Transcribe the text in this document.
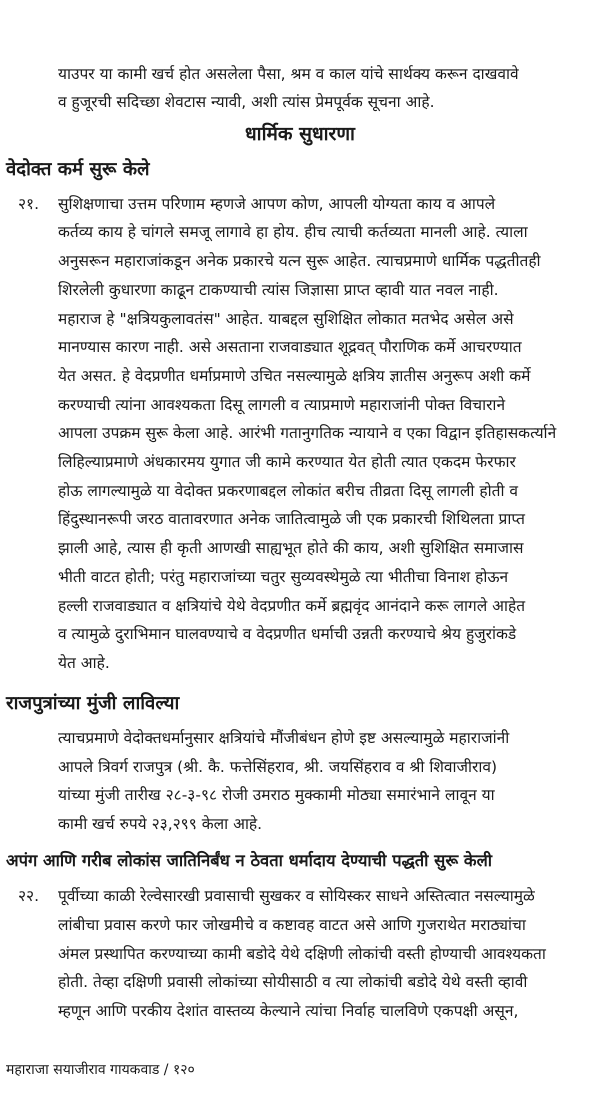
याउपर या कामी खर्च होत असलेला पैसा, श्रम व काल यांचे सार्थक्य करून दाखवावे
व हुजूरची सदिच्छा शेवटास न्यावी, अशी त्यांस प्रेमपूर्वक सूचना आहे.
धार्मिक सुधारणा
वेदोक्त कर्म सुरू केले
२१. सुशिक्षणाचा उत्तम परिणाम म्हणजे आपण कोण, आपली योग्यता काय व आपले
कर्तव्य काय हे चांगले समजू लागावे हा होय. हीच त्याची कर्तव्यता मानली आहे. त्याला
अनुसरून महाराजांकडून अनेक प्रकारचे यत्न सुरू आहेत. त्याचप्रमाणे धार्मिक पद्धतीतही
शिरलेली कुधारणा काढून टाकण्याची त्यांस जिज्ञासा प्राप्त व्हावी यात नवल नाही.
महाराज हे "क्षत्रियकुलावतंस" आहेत. याबद्दल सुशिक्षित लोकात मतभेद असेल असे
मानण्यास कारण नाही. असे असताना राजवाड्यात शूद्रवत् पौराणिक कर्मे आचरण्यात
येत असत. हे वेदप्रणीत धर्माप्रमाणे उचित नसल्यामुळे क्षत्रिय ज्ञातीस अनुरूप अशी कर्मे
करण्याची त्यांना आवश्यकता दिसू लागली व त्याप्रमाणे महाराजांनी पोक्त विचाराने
आपला उपक्रम सुरू केला आहे. आरंभी गतानुगतिक न्यायाने व एका विद्वान इतिहासकर्त्याने
लिहिल्याप्रमाणे अंधकारमय युगात जी कामे करण्यात येत होती त्यात एकदम फेरफार
होऊ लागल्यामुळे या वेदोक्त प्रकरणाबद्दल लोकांत बरीच तीव्रता दिसू लागली होती व
हिंदुस्थानरूपी जरठ वातावरणात अनेक जातित्वामुळे जी एक प्रकारची शिथिलता प्राप्त
झाली आहे, त्यास ही कृती आणखी साह्यभूत होते की काय, अशी सुशिक्षित समाजास
भीती वाटत होती; परंतु महाराजांच्या चतुर सुव्यवस्थेमुळे त्या भीतीचा विनाश होऊन
हल्ली राजवाड्यात व क्षत्रियांचे येथे वेदप्रणीत कर्मे ब्रह्मवृंद आनंदाने करू लागले आहेत
व त्यामुळे दुराभिमान घालवण्याचे व वेदप्रणीत धर्माची उन्नती करण्याचे श्रेय हुजुरांकडे
येत आहे.
राजपुत्रांच्या मुंजी लाविल्या
त्याचप्रमाणे वेदोक्तधर्मानुसार क्षत्रियांचे मौंजीबंधन होणे इष्ट असल्यामुळे महाराजांनी
आपले त्रिवर्ग राजपुत्र (श्री. कै. फत्तेसिंहराव, श्री. जयसिंहराव व श्री शिवाजीराव)
यांच्या मुंजी तारीख २८-३-९८ रोजी उमराठ मुक्कामी मोठ्या समारंभाने लावून या
कामी खर्च रुपये २३,२९९ केला आहे.
अपंग आणि गरीब लोकांस जातिनिर्बंध न ठेवता धर्मादाय देण्याची पद्धती सुरू केली
२२. पूर्वीच्या काळी रेल्वेसारखी प्रवासाची सुखकर व सोयिस्कर साधने अस्तित्वात नसल्यामुळे
लांबीचा प्रवास करणे फार जोखमीचे व कष्टावह वाटत असे आणि गुजराथेत मराठ्यांचा
अंमल प्रस्थापित करण्याच्या कामी बडोदे येथे दक्षिणी लोकांची वस्ती होण्याची आवश्यकता
होती. तेव्हा दक्षिणी प्रवासी लोकांच्या सोयीसाठी व त्या लोकांची बडोदे येथे वस्ती व्हावी
म्हणून आणि परकीय देशांत वास्तव्य केल्याने त्यांचा निर्वाह चालविणे एकपक्षी असून,
महाराजा सयाजीराव गायकवाड / १२०
